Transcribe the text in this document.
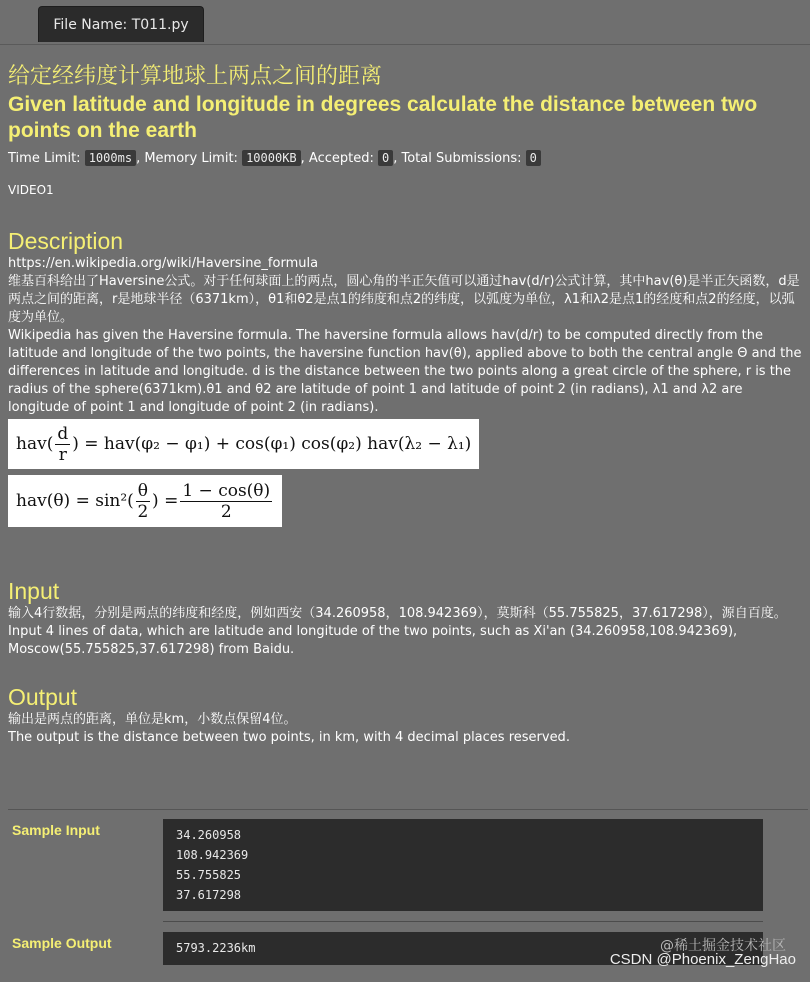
File Name: T011.py
给定经纬度计算地球上两点之间的距离
Given latitude and longitude in degrees calculate the distance between two points on the earth
Time Limit: 1000ms , Memory Limit: 10000KB , Accepted: 0 , Total Submissions: 0
VIDEO1
Description

https://en.wikipedia.org/wiki/Haversine_formula

维基百科给出了Haversine公式。对于任何球面上的两点，圆心角的半正矢值可以通过hav(d/r)公式计算，其中hav(θ)是半正矢函数，d是两点之间的距离，r是地球半径（6371km），θ1和θ2是点1的纬度和点2的纬度，以弧度为单位，λ1和λ2是点1的经度和点2的经度，以弧度为单位。

Wikipedia has given the Haversine formula. The haversine formula allows hav(d/r) to be computed directly from the latitude and longitude of the two points, the haversine function hav(θ), applied above to both the central angle Θ and the differences in latitude and longitude. d is the distance between the two points along a great circle of the sphere, r is the radius of the sphere(6371km).θ1 and θ2 are latitude of point 1 and latitude of point 2 (in radians), λ1 and λ2 are longitude of point 1 and longitude of point 2 (in radians).

$hav( \frac{d}{r}$ ) = hav(φ₂ − φ₁) + cos(φ₁) cos(φ₂) hav(λ₂ − λ₁)
$hav(\theta) = \sin^2( \frac{\theta}{2}$ ) = $\frac{1 - \cos(\theta)}{2}$
Input

输入4行数据，分别是两点的纬度和经度，例如西安（34.260958，108.942369），莫斯科（55.755825，37.617298），源自百度。

Input 4 lines of data, which are latitude and longitude of the two points, such as Xi'an (34.260958,108.942369), Moscow(55.755825,37.617298) from Baidu.

Output

输出是两点的距离，单位是km，小数点保留4位。

The output is the distance between two points, in km, with 4 decimal places reserved.

Sample Input	34.260958
108.942369
55.755825
37.617298
Sample Output	5793.2236km	@稀土掘金技术社区
CSDN @Phoenix_ZengHao
